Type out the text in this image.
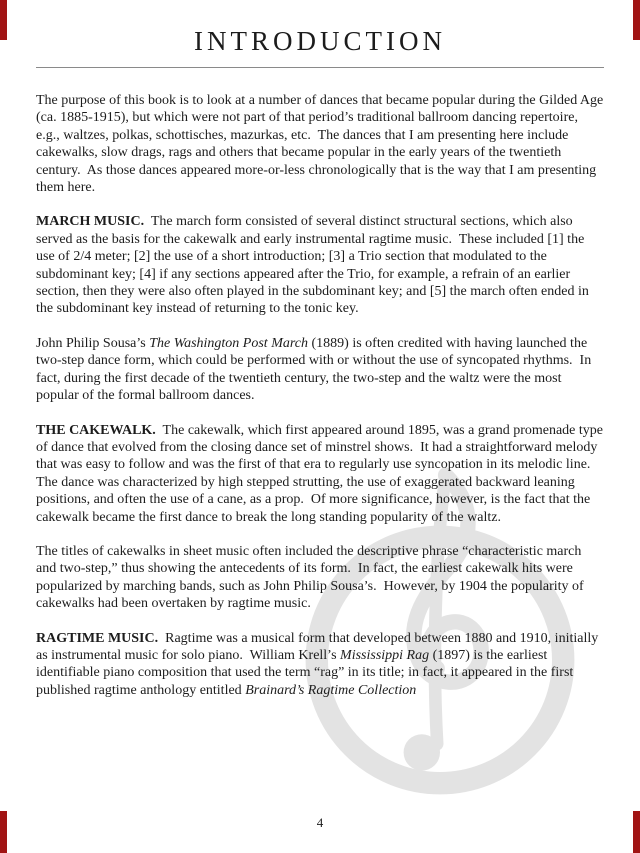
INTRODUCTION

The purpose of this book is to look at a number of dances that became popular during the Gilded Age (ca. 1885-1915), but which were not part of that period’s traditional ballroom dancing repertoire, e.g., waltzes, polkas, schottisches, mazurkas, etc.  The dances that I am presenting here include cakewalks, slow drags, rags and others that became popular in the early years of the twentieth century.  As those dances appeared more-or-less chronologically that is the way that I am presenting them here.

MARCH MUSIC.  The march form consisted of several distinct structural sections, which also served as the basis for the cakewalk and early instrumental ragtime music.  These included [1] the use of 2/4 meter; [2] the use of a short introduction; [3] a Trio section that modulated to the subdominant key; [4] if any sections appeared after the Trio, for example, a refrain of an earlier section, then they were also often played in the subdominant key; and [5] the march often ended in the subdominant key instead of returning to the tonic key.

John Philip Sousa’s The Washington Post March (1889) is often credited with having launched the two-step dance form, which could be performed with or without the use of syncopated rhythms.  In fact, during the first decade of the twentieth century, the two-step and the waltz were the most popular of the formal ballroom dances.

THE CAKEWALK.  The cakewalk, which first appeared around 1895, was a grand promenade type of dance that evolved from the closing dance set of minstrel shows.  It had a straightforward melody that was easy to follow and was the first of that era to regularly use syncopation in its melodic line.  The dance was characterized by high stepped strutting, the use of exaggerated backward leaning positions, and often the use of a cane, as a prop.  Of more significance, however, is the fact that the cakewalk became the first dance to break the long standing popularity of the waltz.

The titles of cakewalks in sheet music often included the descriptive phrase “characteristic march and two-step,” thus showing the antecedents of its form.  In fact, the earliest cakewalk hits were popularized by marching bands, such as John Philip Sousa’s.  However, by 1904 the popularity of cakewalks had been overtaken by ragtime music.

RAGTIME MUSIC.  Ragtime was a musical form that developed between 1880 and 1910, initially as instrumental music for solo piano.  William Krell’s Mississippi Rag (1897) is the earliest identifiable piano composition that used the term “rag” in its title; in fact, it appeared in the first published ragtime anthology entitled Brainard’s Ragtime Collection

4
